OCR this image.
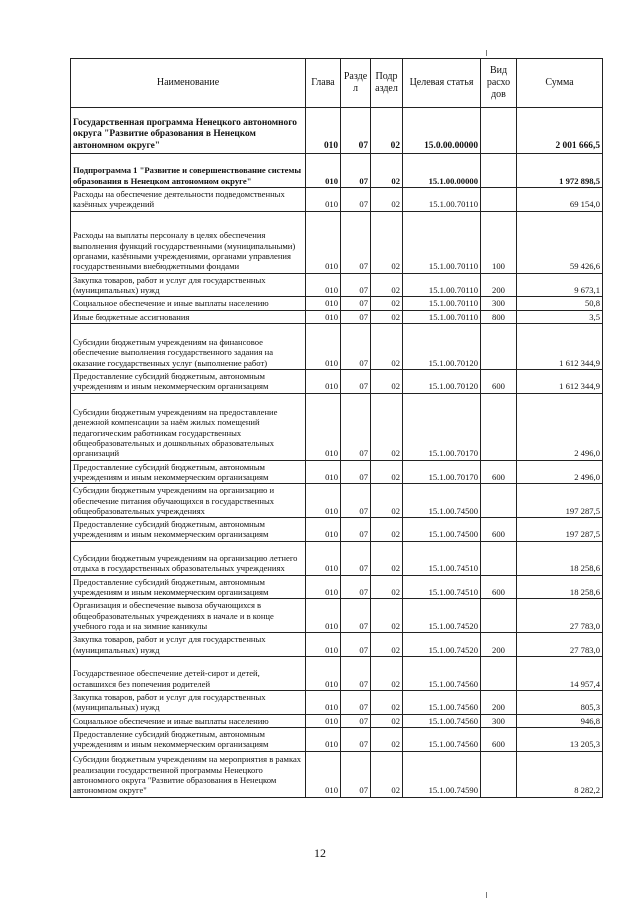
Наименование	Глава	Разде л	Подр аздел	Целевая статья	Вид расхо дов	Сумма
Государственная программа Ненецкого автономного округа "Развитие образования в Ненецком автономном округе"	010	07	02	15.0.00.00000		2 001 666,5
Подпрограмма 1 "Развитие и совершенствование системы образования в Ненецком автономном округе"	010	07	02	15.1.00.00000		1 972 898,5
Расходы на обеспечение деятельности подведомственных казённых учреждений	010	07	02	15.1.00.70110		69 154,0
Расходы на выплаты персоналу в целях обеспечения выполнения функций государственными (муниципальными) органами, казёнными учреждениями, органами управления государственными внебюджетными фондами	010	07	02	15.1.00.70110	100	59 426,6
Закупка товаров, работ и услуг для государственных (муниципальных) нужд	010	07	02	15.1.00.70110	200	9 673,1
Социальное обеспечение и иные выплаты населению	010	07	02	15.1.00.70110	300	50,8
Иные бюджетные ассигнования	010	07	02	15.1.00.70110	800	3,5
Субсидии бюджетным учреждениям на финансовое обеспечение выполнения государственного задания на оказание государственных услуг (выполнение работ)	010	07	02	15.1.00.70120		1 612 344,9
Предоставление субсидий бюджетным, автономным учреждениям и иным некоммерческим организациям	010	07	02	15.1.00.70120	600	1 612 344,9
Субсидии бюджетным учреждениям на предоставление денежной компенсации за наём жилых помещений педагогическим работникам государственных общеобразовательных и дошкольных образовательных организаций	010	07	02	15.1.00.70170		2 496,0
Предоставление субсидий бюджетным, автономным учреждениям и иным некоммерческим организациям	010	07	02	15.1.00.70170	600	2 496,0
Субсидии бюджетным учреждениям на организацию и обеспечение питания обучающихся в государственных общеобразовательных учреждениях	010	07	02	15.1.00.74500		197 287,5
Предоставление субсидий бюджетным, автономным учреждениям и иным некоммерческим организациям	010	07	02	15.1.00.74500	600	197 287,5
Субсидии бюджетным учреждениям на организацию летнего отдыха в государственных образовательных учреждениях	010	07	02	15.1.00.74510		18 258,6
Предоставление субсидий бюджетным, автономным учреждениям и иным некоммерческим организациям	010	07	02	15.1.00.74510	600	18 258,6
Организация и обеспечение вывоза обучающихся в общеобразовательных учреждениях в начале и в конце учебного года и на зимние каникулы	010	07	02	15.1.00.74520		27 783,0
Закупка товаров, работ и услуг для государственных (муниципальных) нужд	010	07	02	15.1.00.74520	200	27 783,0
Государственное обеспечение детей-сирот и детей, оставшихся без попечения родителей	010	07	02	15.1.00.74560		14 957,4
Закупка товаров, работ и услуг для государственных (муниципальных) нужд	010	07	02	15.1.00.74560	200	805,3
Социальное обеспечение и иные выплаты населению	010	07	02	15.1.00.74560	300	946,8
Предоставление субсидий бюджетным, автономным учреждениям и иным некоммерческим организациям	010	07	02	15.1.00.74560	600	13 205,3
Субсидии бюджетным учреждениям на мероприятия в рамках реализации государственной программы Ненецкого автономного округа "Развитие образования в Ненецком автономном округе"	010	07	02	15.1.00.74590		8 282,2
12
